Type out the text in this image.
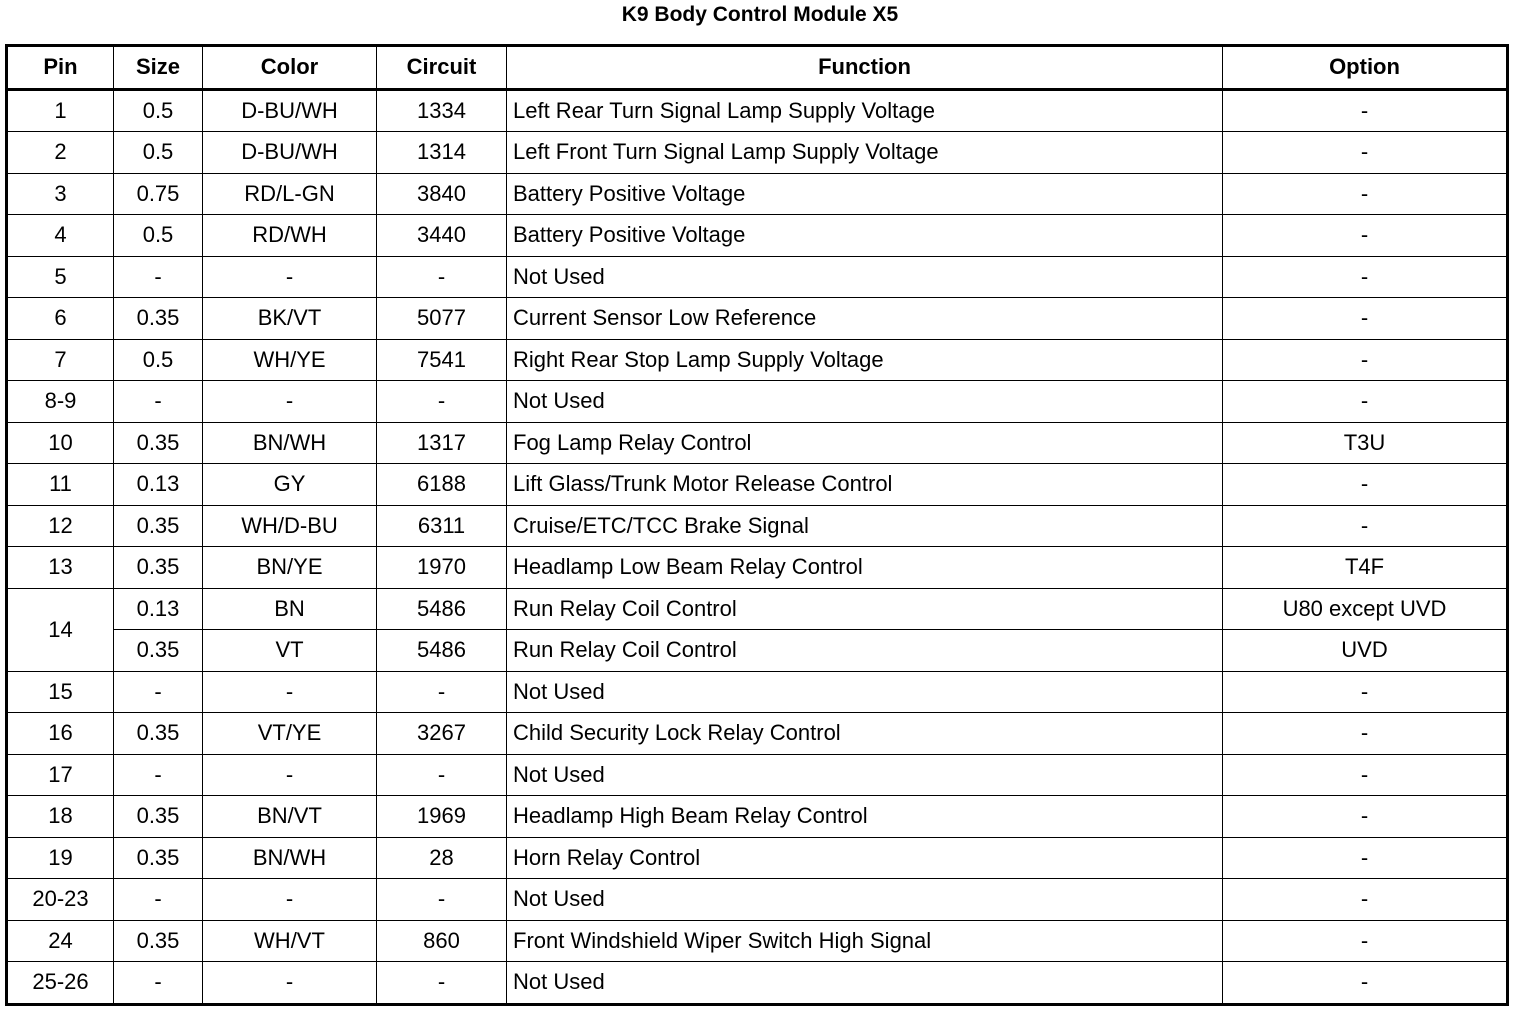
K9 Body Control Module X5
Pin	Size	Color	Circuit	Function	Option
1	0.5	D-BU/WH	1334	Left Rear Turn Signal Lamp Supply Voltage	-
2	0.5	D-BU/WH	1314	Left Front Turn Signal Lamp Supply Voltage	-
3	0.75	RD/L-GN	3840	Battery Positive Voltage	-
4	0.5	RD/WH	3440	Battery Positive Voltage	-
5	-	-	-	Not Used	-
6	0.35	BK/VT	5077	Current Sensor Low Reference	-
7	0.5	WH/YE	7541	Right Rear Stop Lamp Supply Voltage	-
8-9	-	-	-	Not Used	-
10	0.35	BN/WH	1317	Fog Lamp Relay Control	T3U
11	0.13	GY	6188	Lift Glass/Trunk Motor Release Control	-
12	0.35	WH/D-BU	6311	Cruise/ETC/TCC Brake Signal	-
13	0.35	BN/YE	1970	Headlamp Low Beam Relay Control	T4F
14	0.13	BN	5486	Run Relay Coil Control	U80 except UVD
	0.35	VT	5486	Run Relay Coil Control	UVD
15	-	-	-	Not Used	-
16	0.35	VT/YE	3267	Child Security Lock Relay Control	-
17	-	-	-	Not Used	-
18	0.35	BN/VT	1969	Headlamp High Beam Relay Control	-
19	0.35	BN/WH	28	Horn Relay Control	-
20-23	-	-	-	Not Used	-
24	0.35	WH/VT	860	Front Windshield Wiper Switch High Signal	-
25-26	-	-	-	Not Used	-
